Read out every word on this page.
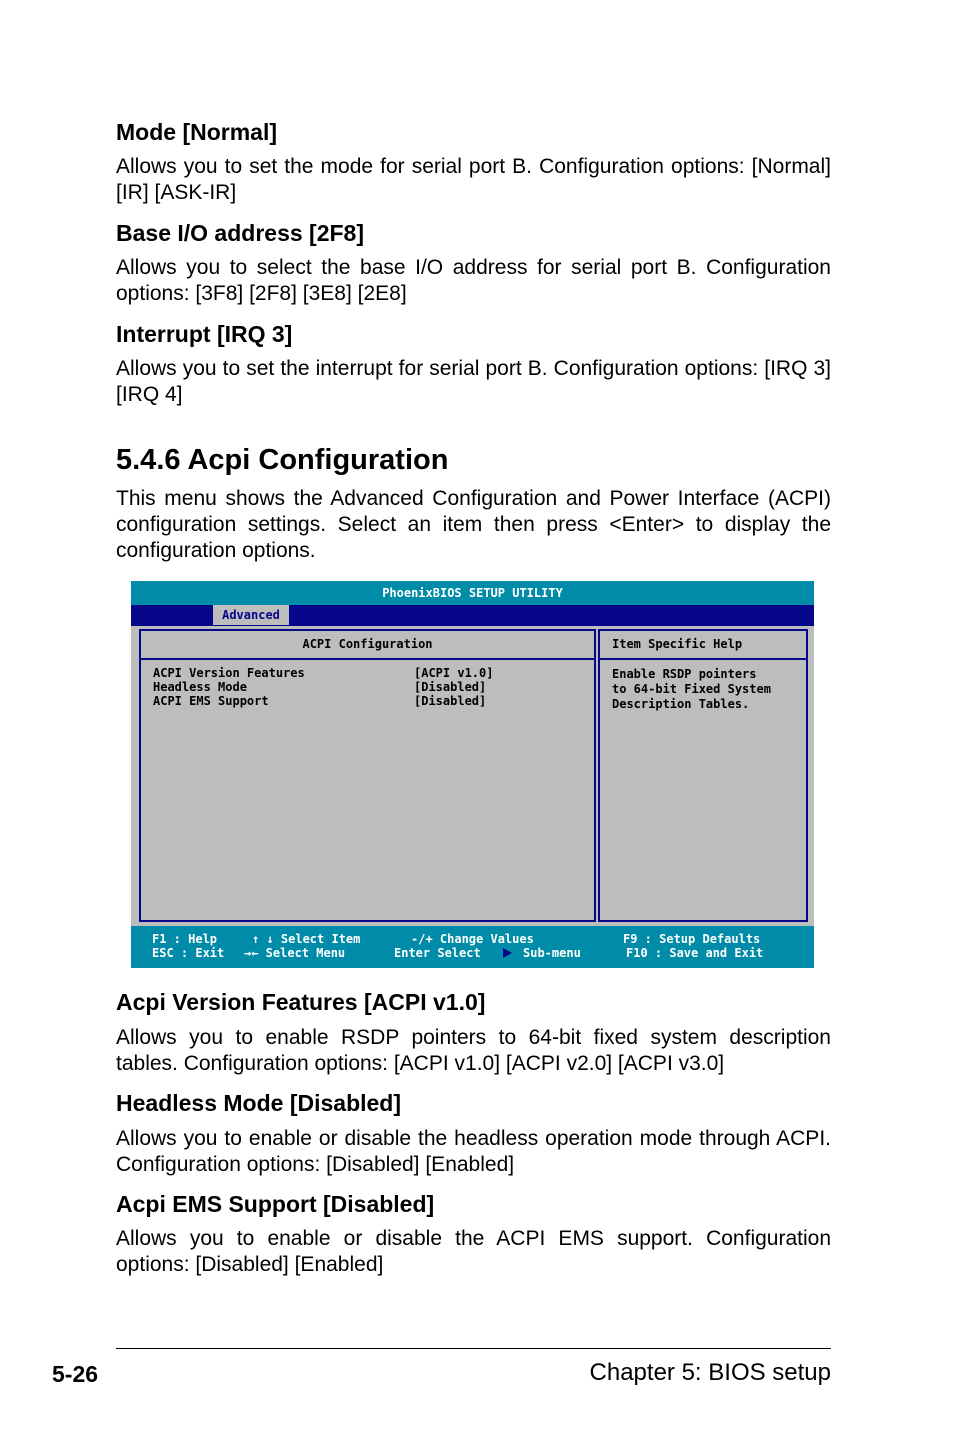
Mode [Normal]

Allows you to set the mode for serial port B. Configuration options: [Normal] [IR] [ASK-IR]

Base I/O address [2F8]

Allows you to select the base I/O address for serial port B. Configuration options: [3F8] [2F8] [3E8] [2E8]

Interrupt [IRQ 3]

Allows you to set the interrupt for serial port B. Configuration options: [IRQ 3] [IRQ 4]

5.4.6 Acpi Configuration

This menu shows the Advanced Configuration and Power Interface (ACPI) configuration settings. Select an item then press <Enter> to display the configuration options.

PhoenixBIOS SETUP UTILITY
Advanced
ACPI Configuration
ACPI Version Features	[ACPI v1.0]
Headless Mode	[Disabled]
ACPI EMS Support	[Disabled]
Item Specific Help
Enable RSDP pointers
to 64-bit Fixed System
Description Tables.
F1 : Help
ESC : Exit
↑ ↓ Select Item
→← Select Menu
-/+ Change Values
Enter Select	Sub-menu
F9 : Setup Defaults
F10 : Save and Exit
Acpi Version Features [ACPI v1.0]

Allows you to enable RSDP pointers to 64-bit fixed system description tables. Configuration options: [ACPI v1.0] [ACPI v2.0] [ACPI v3.0]

Headless Mode [Disabled]

Allows you to enable or disable the headless operation mode through ACPI. Configuration options: [Disabled] [Enabled]

Acpi EMS Support [Disabled]

Allows you to enable or disable the ACPI EMS support. Configuration options: [Disabled] [Enabled]

5-26	Chapter 5: BIOS setup
